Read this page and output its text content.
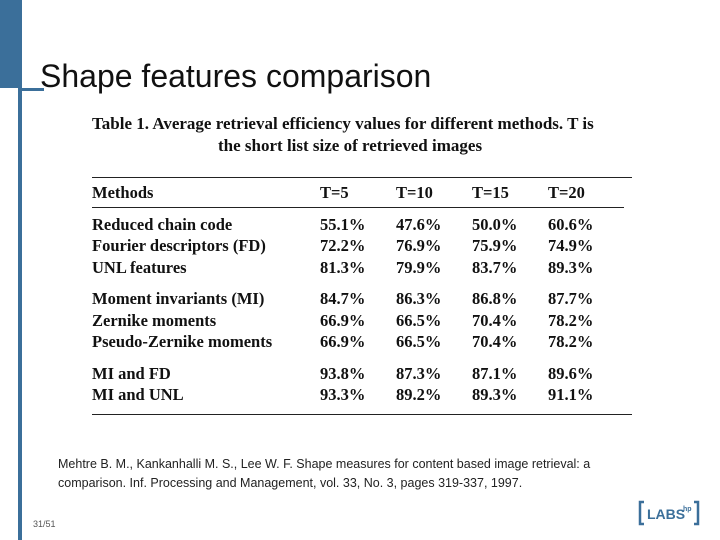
Shape features comparison
Table 1. Average retrieval efficiency values for different methods. T is
the short list size of retrieved images
Methods	T=5	T=10	T=15	T=20

Reduced chain code	55.1%	47.6%	50.0%	60.6%
Fourier descriptors (FD)	72.2%	76.9%	75.9%	74.9%
UNL features	81.3%	79.9%	83.7%	89.3%

Moment invariants (MI)	84.7%	86.3%	86.8%	87.7%
Zernike moments	66.9%	66.5%	70.4%	78.2%
Pseudo-Zernike moments	66.9%	66.5%	70.4%	78.2%

MI and FD	93.8%	87.3%	87.1%	89.6%
MI and UNL	93.3%	89.2%	89.3%	91.1%

Mehtre B. M., Kankanhalli M. S., Lee W. F. Shape measures for content based image retrieval: a
comparison. Inf. Processing and Management, vol. 33, No. 3, pages 319-337, 1997.
31/51
LABS
hp
